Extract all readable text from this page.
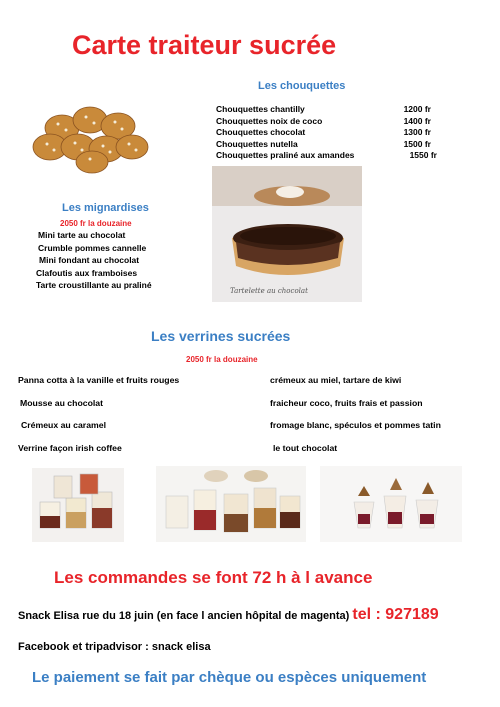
Carte traiteur sucrée
Les chouquettes
Chouquettes chantilly	1200 fr
Chouquettes noix de coco	1400 fr
Chouquettes chocolat	1300 fr
Chouquettes nutella	1500 fr
Chouquettes praliné aux amandes	1550 fr
Tartelette au chocolat
Les mignardises
2050 fr la douzaine
Mini tarte au chocolat
Crumble pommes cannelle
Mini fondant au chocolat
Clafoutis aux framboises
Tarte croustillante au praliné
Les verrines sucrées
2050 fr la douzaine
Panna cotta à la vanille et fruits rouges
Mousse au chocolat
Crémeux au caramel
Verrine façon irish coffee
crémeux au miel, tartare de kiwi
fraicheur coco, fruits frais et passion
fromage blanc, spéculos et pommes tatin
le tout chocolat
Les commandes se font 72 h à l avance
Snack Elisa rue du 18 juin (en face l ancien hôpital de magenta) tel : 927189
Facebook et tripadvisor : snack elisa
Le paiement se fait par chèque ou espèces uniquement
